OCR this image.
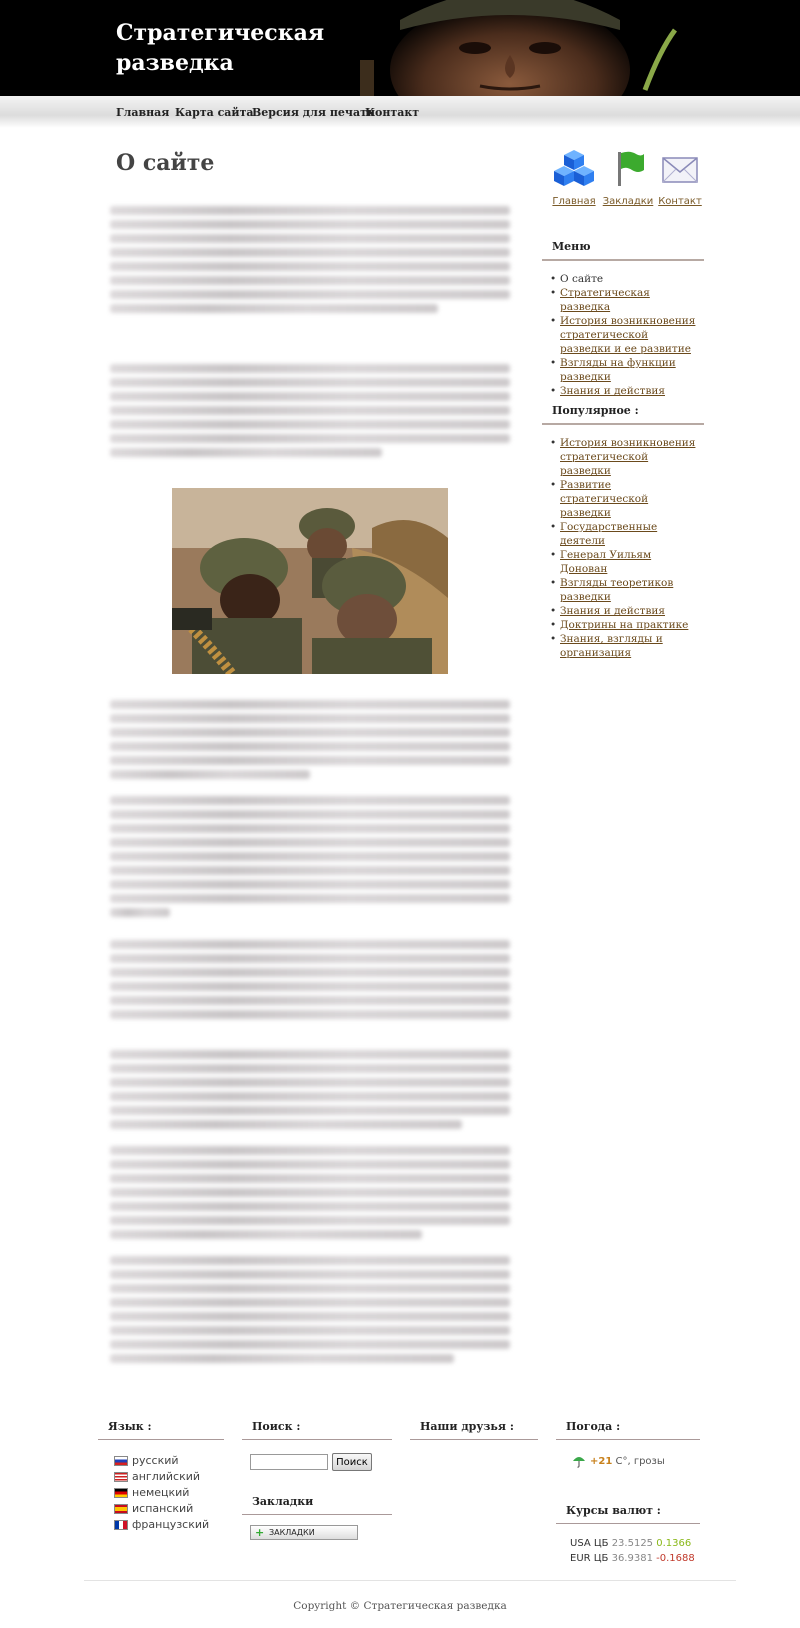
Стратегическая разведка
Главная Карта сайта
Версия для печати
Контакт
О сайте
Главная Закладки Контакт
Меню
• О сайте
• Стратегическая разведка
• История возникновения стратегической разведки и ее развитие
• Взгляды на функции разведки
• Знания и действия
Популярное :
• История возникновения стратегической разведки
• Развитие стратегической разведки
• Государственные деятели
• Генерал Уильям Донован
• Взгляды теоретиков разведки
• Знания и действия
• Доктрины на практике
• Знания, взгляды и организация
Язык :
русский
английский
немецкий
испанский
французский
Поиск :
Поиск
Закладки
+ ЗАКЛАДКИ
Наши друзья :	Погода :
+21 C°, грозы
Курсы валют :
USA ЦБ 23.5125 0.1366
EUR ЦБ 36.9381 -0.1688
Copyright © Стратегическая разведка
